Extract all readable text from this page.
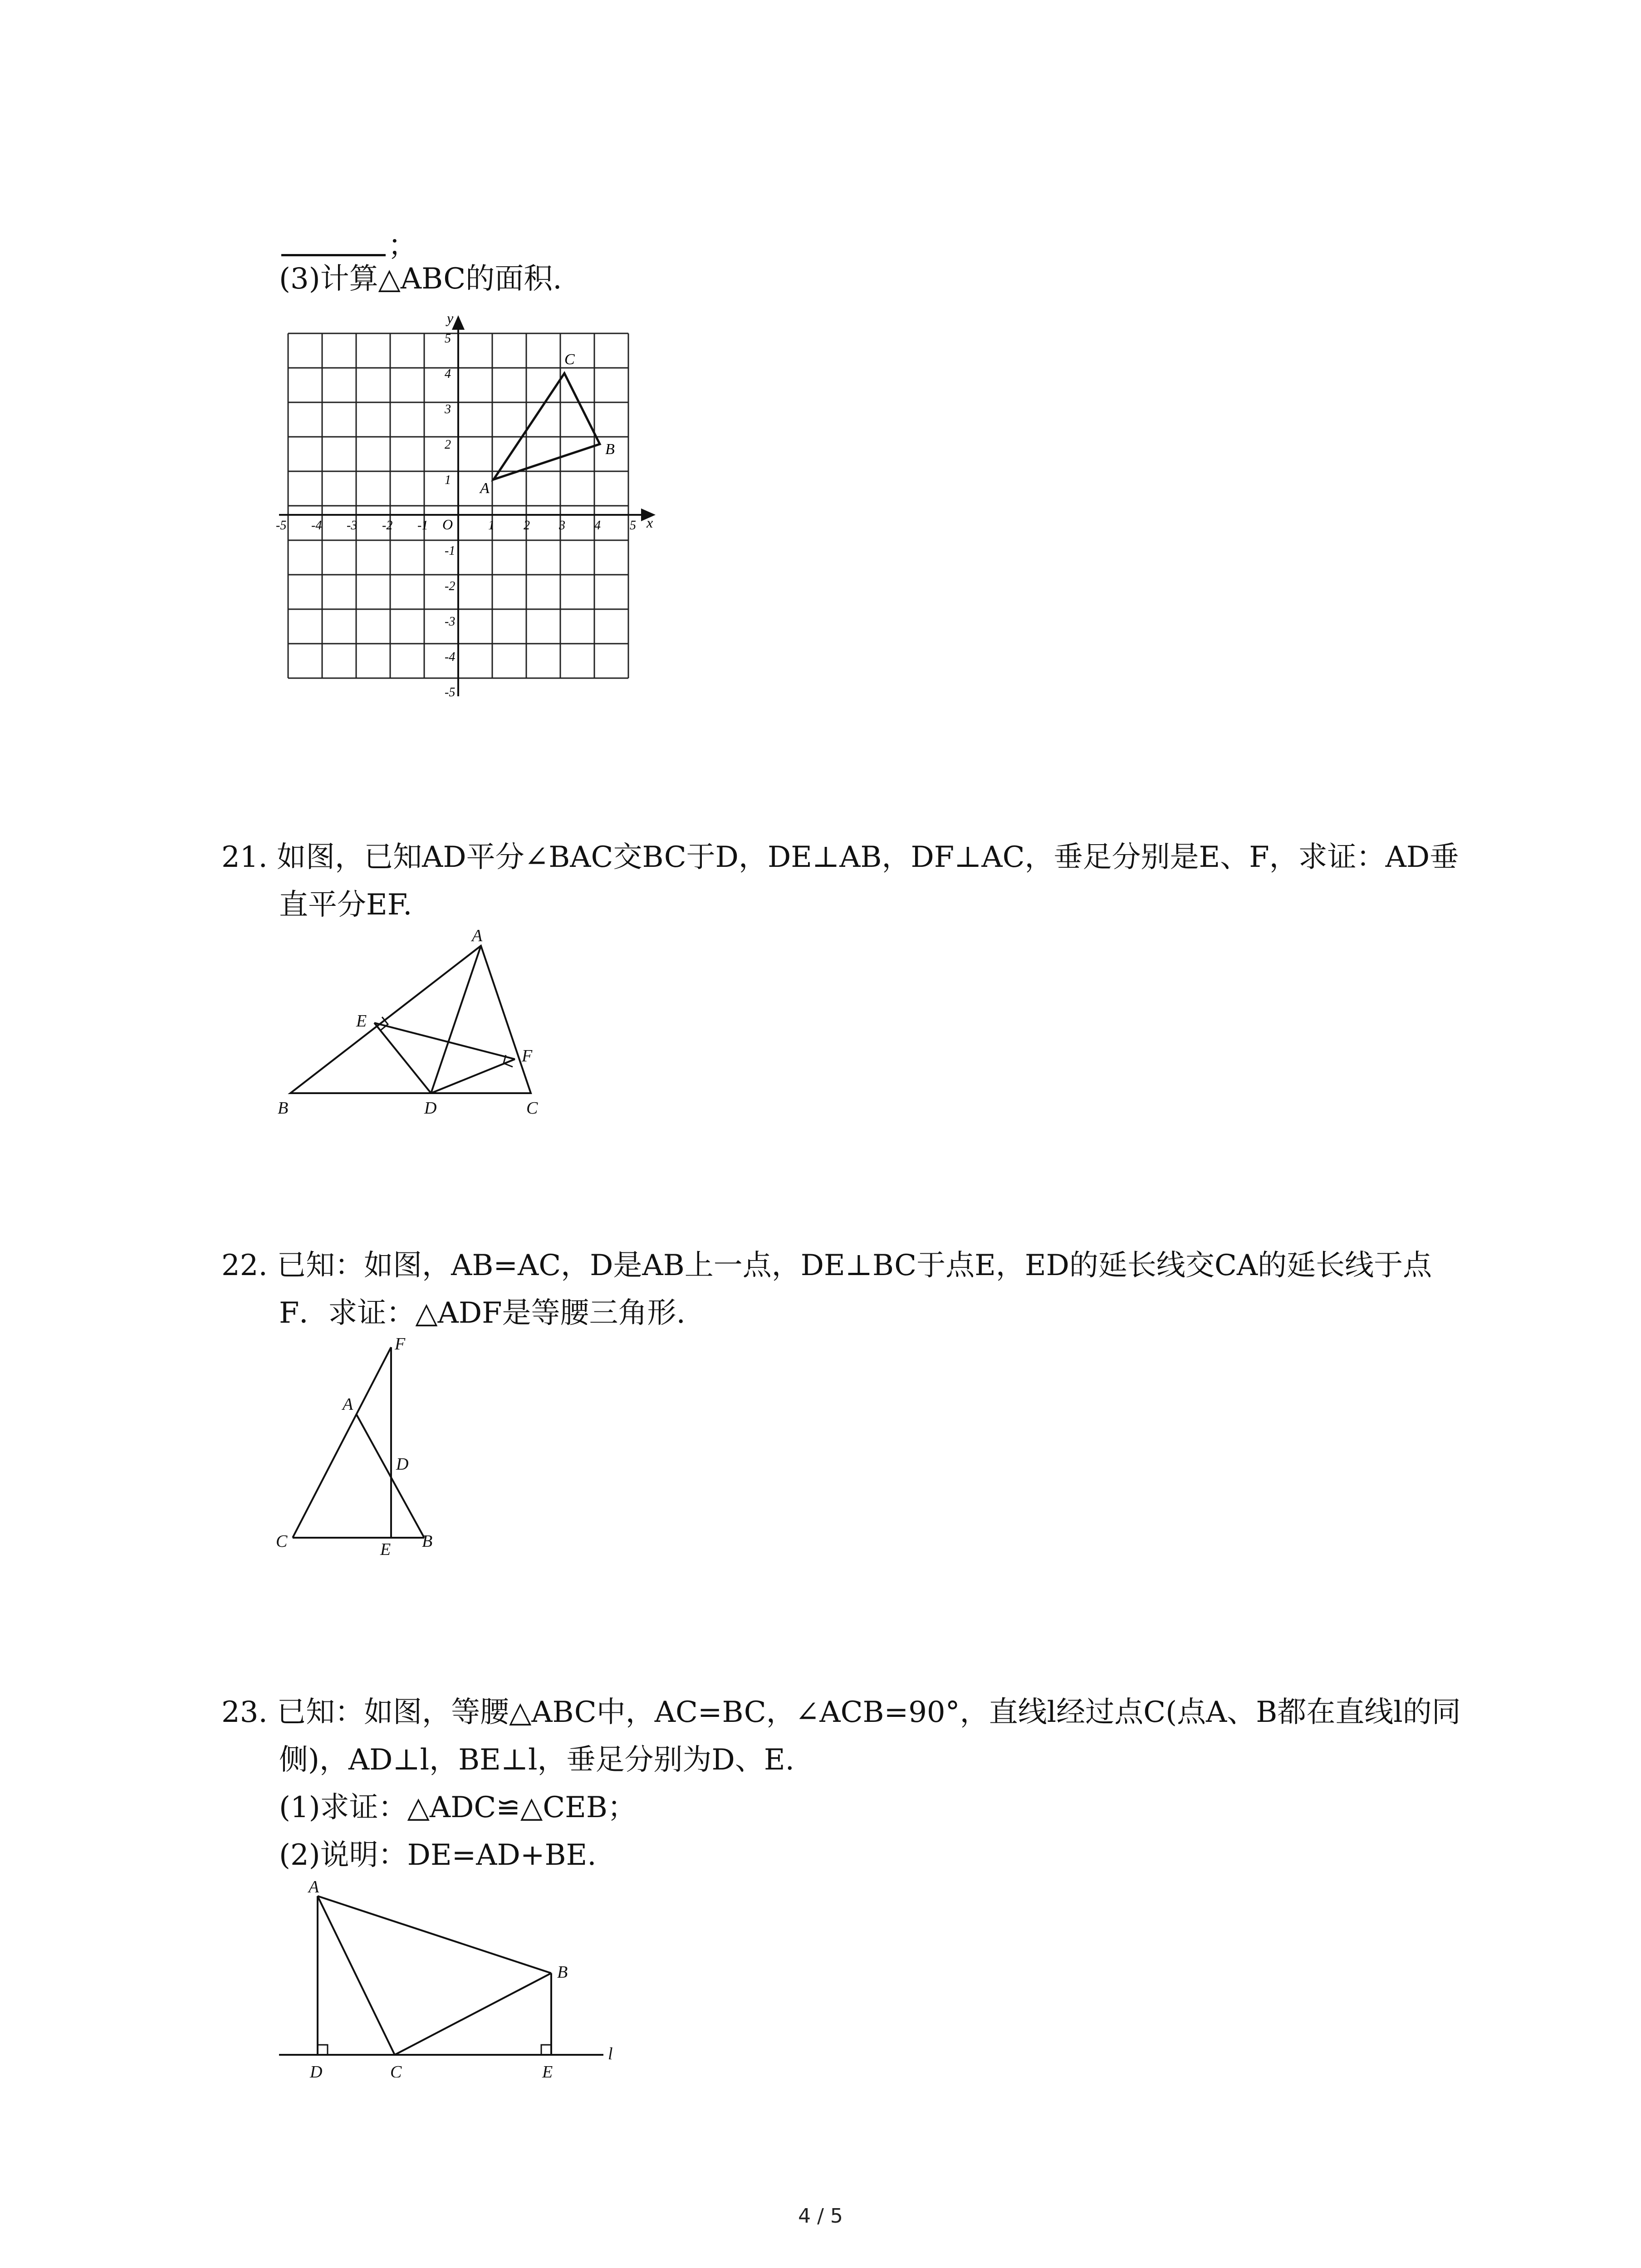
；
(3)计算△ABC的面积.
x
y
O
-5 -4 -3 -2 -1	1 2 3 4 5
5
4
3
2
1
-1
-2
-3
-4
-5
A
B
C
21. 如图，已知AD平分∠BAC交BC于D，DE⊥AB，DF⊥AC，垂足分别是E、F，求证：AD垂
直平分EF.
A
E
F
B	D	C
22. 已知：如图，AB=AC，D是AB上一点，DE⊥BC于点E，ED的延长线交CA的延长线于点
F．求证：△ADF是等腰三角形.
F
A
D
C	E B
23. 已知：如图，等腰△ABC中，AC=BC，∠ACB=90°，直线l经过点C(点A、B都在直线l的同
侧)，AD⊥l，BE⊥l，垂足分别为D、E.
(1)求证：△ADC≌△CEB；
(2)说明：DE=AD+BE.
A
B
D	C	E
l
4 / 5
